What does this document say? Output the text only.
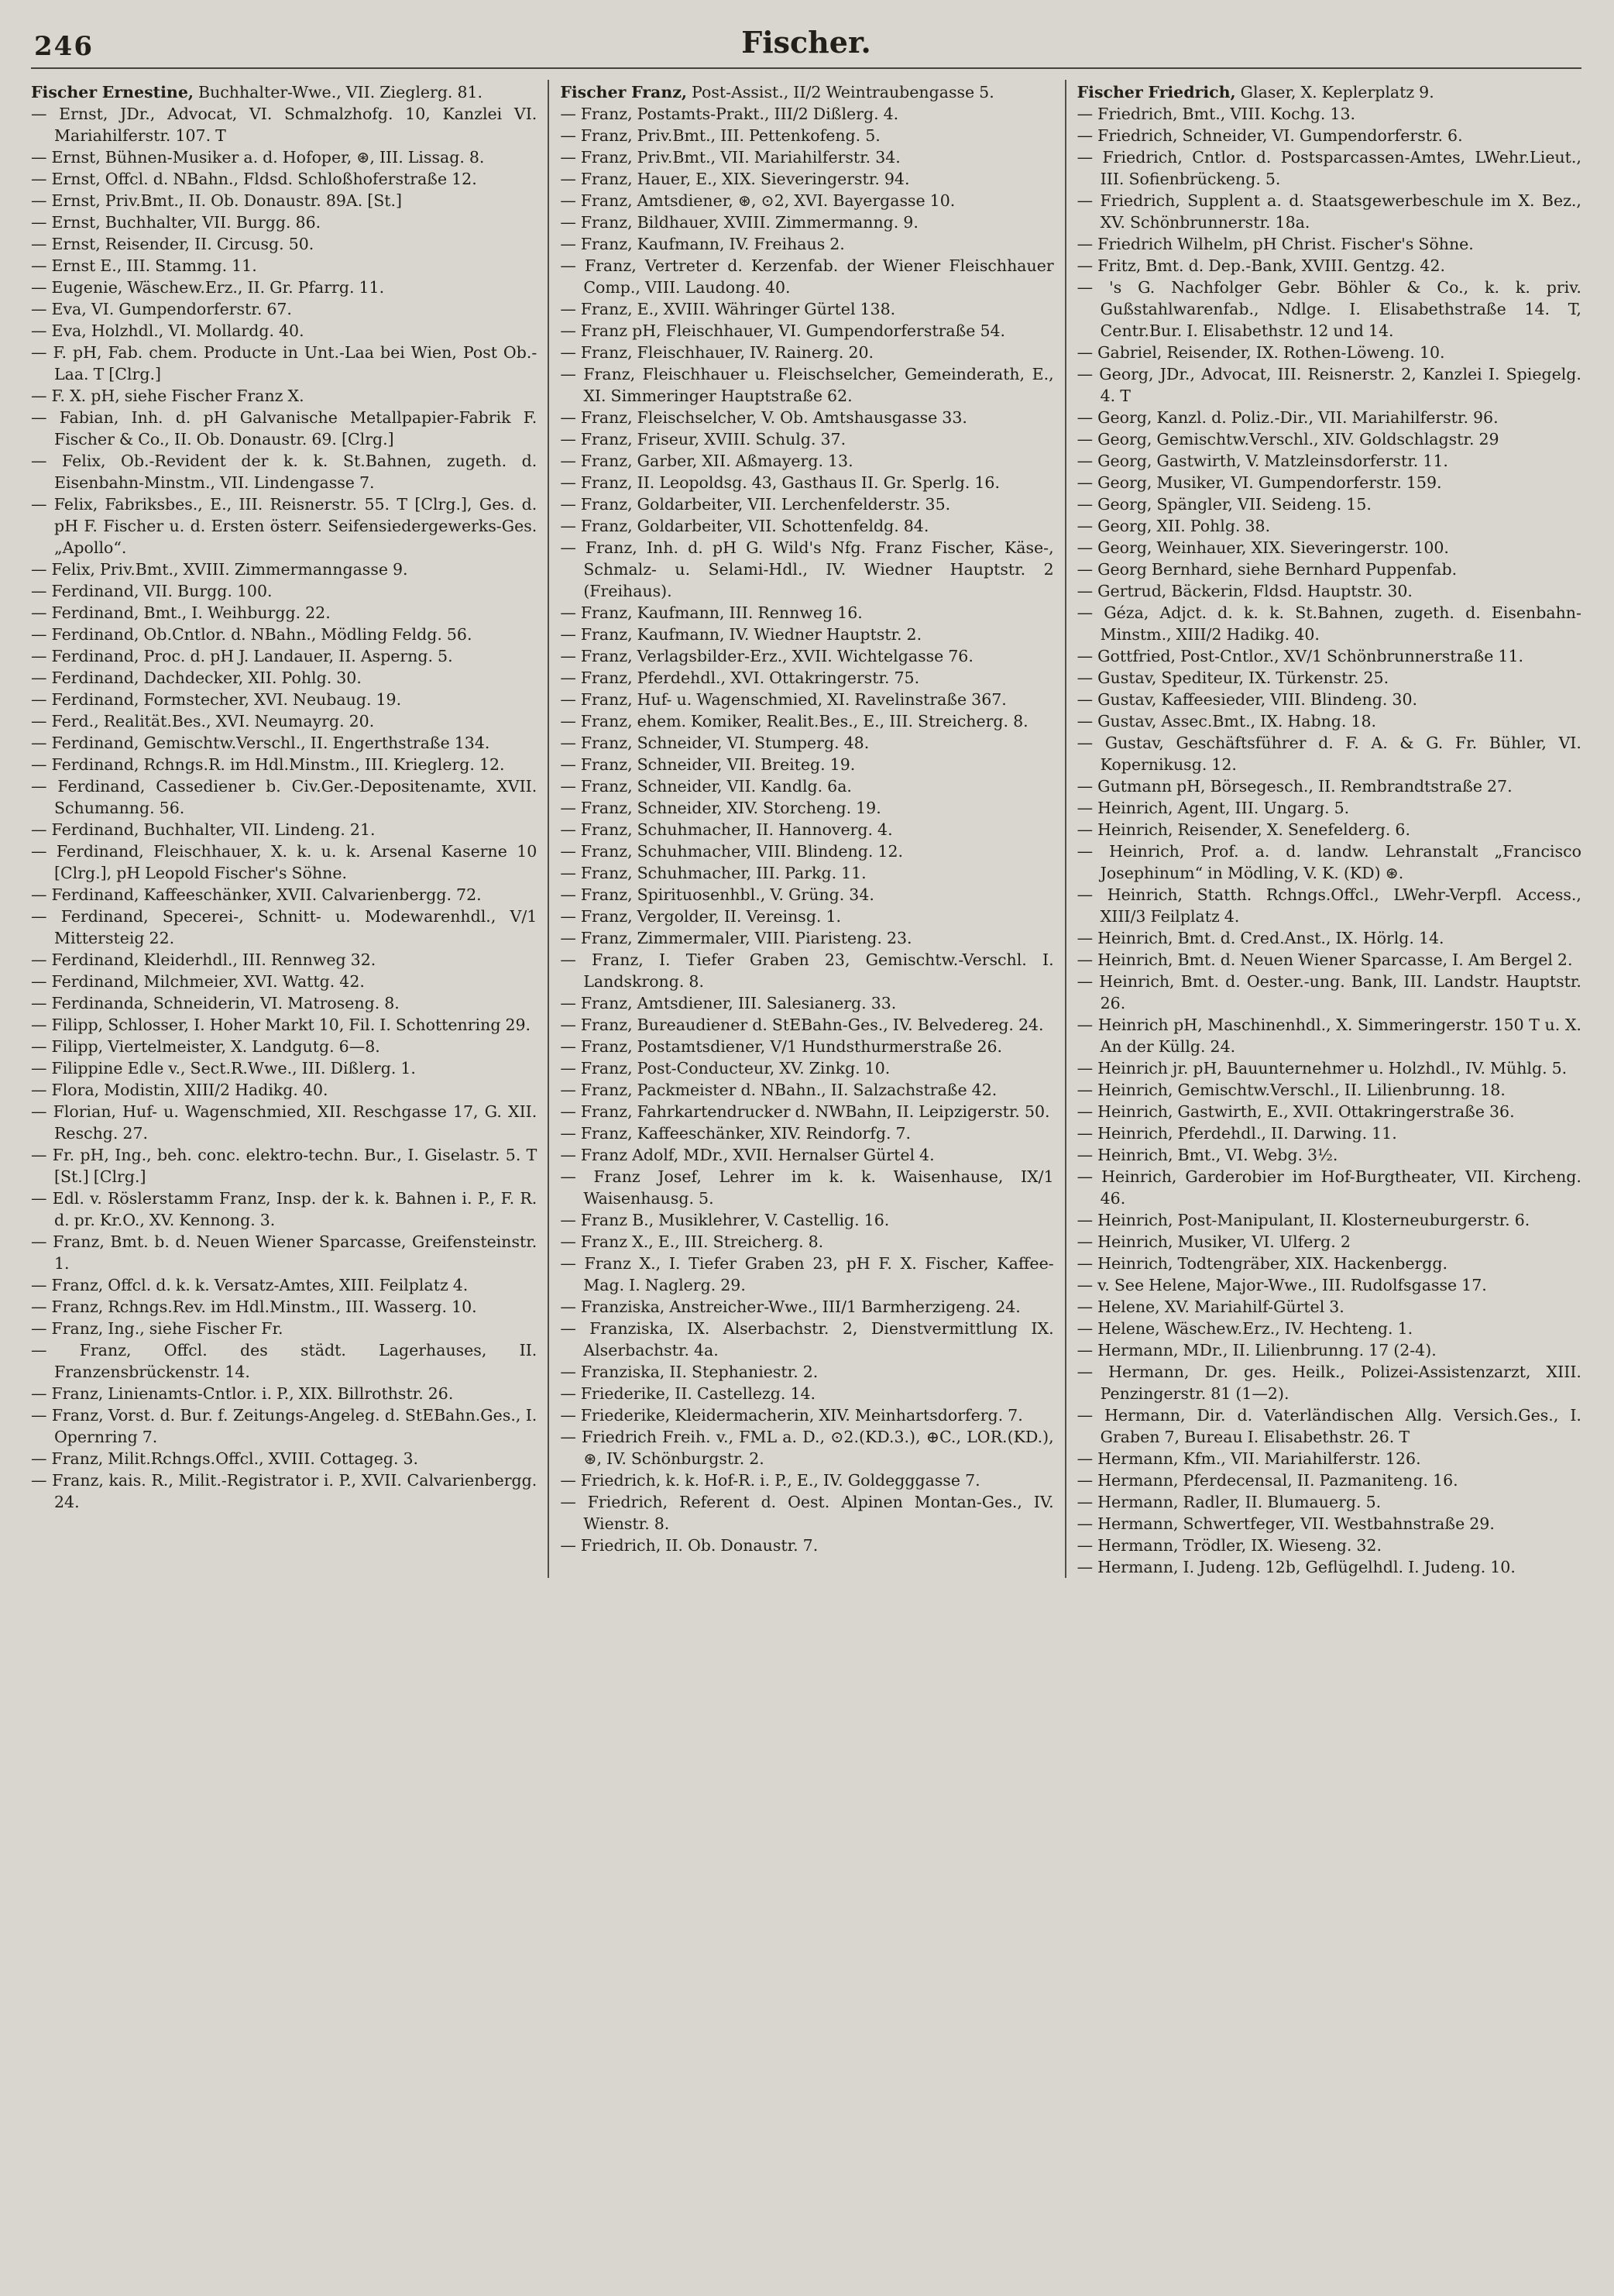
246	Fischer.

Fischer Ernestine, Buchhalter-Wwe., VII. Zieglerg. 81.

— Ernst, JDr., Advocat, VI. Schmalzhofg. 10, Kanzlei VI. Mariahilferstr. 107. T

— Ernst, Bühnen-Musiker a. d. Hofoper, ⊛, III. Lissag. 8.

— Ernst, Offcl. d. NBahn., Fldsd. Schloßhoferstraße 12.

— Ernst, Priv.Bmt., II. Ob. Donaustr. 89A. [St.]

— Ernst, Buchhalter, VII. Burgg. 86.

— Ernst, Reisender, II. Circusg. 50.

— Ernst E., III. Stammg. 11.

— Eugenie, Wäschew.Erz., II. Gr. Pfarrg. 11.

— Eva, VI. Gumpendorferstr. 67.

— Eva, Holzhdl., VI. Mollardg. 40.

— F. pH, Fab. chem. Producte in Unt.-Laa bei Wien, Post Ob.-Laa. T [Clrg.]

— F. X. pH, siehe Fischer Franz X.

— Fabian, Inh. d. pH Galvanische Metallpapier-Fabrik F. Fischer & Co., II. Ob. Donaustr. 69. [Clrg.]

— Felix, Ob.-Revident der k. k. St.Bahnen, zugeth. d. Eisenbahn-Minstm., VII. Lindengasse 7.

— Felix, Fabriksbes., E., III. Reisnerstr. 55. T [Clrg.], Ges. d. pH F. Fischer u. d. Ersten österr. Seifensiedergewerks-Ges. „Apollo“.

— Felix, Priv.Bmt., XVIII. Zimmermanngasse 9.

— Ferdinand, VII. Burgg. 100.

— Ferdinand, Bmt., I. Weihburgg. 22.

— Ferdinand, Ob.Cntlor. d. NBahn., Mödling Feldg. 56.

— Ferdinand, Proc. d. pH J. Landauer, II. Asperng. 5.

— Ferdinand, Dachdecker, XII. Pohlg. 30.

— Ferdinand, Formstecher, XVI. Neubaug. 19.

— Ferd., Realität.Bes., XVI. Neumayrg. 20.

— Ferdinand, Gemischtw.Verschl., II. Engerthstraße 134.

— Ferdinand, Rchngs.R. im Hdl.Minstm., III. Krieglerg. 12.

— Ferdinand, Cassediener b. Civ.Ger.-Depositenamte, XVII. Schumanng. 56.

— Ferdinand, Buchhalter, VII. Lindeng. 21.

— Ferdinand, Fleischhauer, X. k. u. k. Arsenal Kaserne 10 [Clrg.], pH Leopold Fischer's Söhne.

— Ferdinand, Kaffeeschänker, XVII. Calvarienbergg. 72.

— Ferdinand, Specerei-, Schnitt- u. Modewarenhdl., V/1 Mittersteig 22.

— Ferdinand, Kleiderhdl., III. Rennweg 32.

— Ferdinand, Milchmeier, XVI. Wattg. 42.

— Ferdinanda, Schneiderin, VI. Matroseng. 8.

— Filipp, Schlosser, I. Hoher Markt 10, Fil. I. Schottenring 29.

— Filipp, Viertelmeister, X. Landgutg. 6—8.

— Filippine Edle v., Sect.R.Wwe., III. Dißlerg. 1.

— Flora, Modistin, XIII/2 Hadikg. 40.

— Florian, Huf- u. Wagenschmied, XII. Reschgasse 17, G. XII. Reschg. 27.

— Fr. pH, Ing., beh. conc. elektro-techn. Bur., I. Giselastr. 5. T [St.] [Clrg.]

— Edl. v. Röslerstamm Franz, Insp. der k. k. Bahnen i. P., F. R. d. pr. Kr.O., XV. Kennong. 3.

— Franz, Bmt. b. d. Neuen Wiener Sparcasse, Greifensteinstr. 1.

— Franz, Offcl. d. k. k. Versatz-Amtes, XIII. Feilplatz 4.

— Franz, Rchngs.Rev. im Hdl.Minstm., III. Wasserg. 10.

— Franz, Ing., siehe Fischer Fr.

— Franz, Offcl. des städt. Lagerhauses, II. Franzensbrückenstr. 14.

— Franz, Linienamts-Cntlor. i. P., XIX. Billrothstr. 26.

— Franz, Vorst. d. Bur. f. Zeitungs-Angeleg. d. StEBahn.Ges., I. Opernring 7.

— Franz, Milit.Rchngs.Offcl., XVIII. Cottageg. 3.

— Franz, kais. R., Milit.-Registrator i. P., XVII. Calvarienbergg. 24.

Fischer Franz, Post-Assist., II/2 Weintraubengasse 5.

— Franz, Postamts-Prakt., III/2 Dißlerg. 4.

— Franz, Priv.Bmt., III. Pettenkofeng. 5.

— Franz, Priv.Bmt., VII. Mariahilferstr. 34.

— Franz, Hauer, E., XIX. Sieveringerstr. 94.

— Franz, Amtsdiener, ⊛, ⊙2, XVI. Bayergasse 10.

— Franz, Bildhauer, XVIII. Zimmermanng. 9.

— Franz, Kaufmann, IV. Freihaus 2.

— Franz, Vertreter d. Kerzenfab. der Wiener Fleischhauer Comp., VIII. Laudong. 40.

— Franz, E., XVIII. Währinger Gürtel 138.

— Franz pH, Fleischhauer, VI. Gumpendorferstraße 54.

— Franz, Fleischhauer, IV. Rainerg. 20.

— Franz, Fleischhauer u. Fleischselcher, Gemeinderath, E., XI. Simmeringer Hauptstraße 62.

— Franz, Fleischselcher, V. Ob. Amtshausgasse 33.

— Franz, Friseur, XVIII. Schulg. 37.

— Franz, Garber, XII. Aßmayerg. 13.

— Franz, II. Leopoldsg. 43, Gasthaus II. Gr. Sperlg. 16.

— Franz, Goldarbeiter, VII. Lerchenfelderstr. 35.

— Franz, Goldarbeiter, VII. Schottenfeldg. 84.

— Franz, Inh. d. pH G. Wild's Nfg. Franz Fischer, Käse-, Schmalz- u. Selami-Hdl., IV. Wiedner Hauptstr. 2 (Freihaus).

— Franz, Kaufmann, III. Rennweg 16.

— Franz, Kaufmann, IV. Wiedner Hauptstr. 2.

— Franz, Verlagsbilder-Erz., XVII. Wichtelgasse 76.

— Franz, Pferdehdl., XVI. Ottakringerstr. 75.

— Franz, Huf- u. Wagenschmied, XI. Ravelinstraße 367.

— Franz, ehem. Komiker, Realit.Bes., E., III. Streicherg. 8.

— Franz, Schneider, VI. Stumperg. 48.

— Franz, Schneider, VII. Breiteg. 19.

— Franz, Schneider, VII. Kandlg. 6a.

— Franz, Schneider, XIV. Storcheng. 19.

— Franz, Schuhmacher, II. Hannoverg. 4.

— Franz, Schuhmacher, VIII. Blindeng. 12.

— Franz, Schuhmacher, III. Parkg. 11.

— Franz, Spirituosenhbl., V. Grüng. 34.

— Franz, Vergolder, II. Vereinsg. 1.

— Franz, Zimmermaler, VIII. Piaristeng. 23.

— Franz, I. Tiefer Graben 23, Gemischtw.-Verschl. I. Landskrong. 8.

— Franz, Amtsdiener, III. Salesianerg. 33.

— Franz, Bureaudiener d. StEBahn-Ges., IV. Belvedereg. 24.

— Franz, Postamtsdiener, V/1 Hundsthurmerstraße 26.

— Franz, Post-Conducteur, XV. Zinkg. 10.

— Franz, Packmeister d. NBahn., II. Salzachstraße 42.

— Franz, Fahrkartendrucker d. NWBahn, II. Leipzigerstr. 50.

— Franz, Kaffeeschänker, XIV. Reindorfg. 7.

— Franz Adolf, MDr., XVII. Hernalser Gürtel 4.

— Franz Josef, Lehrer im k. k. Waisenhause, IX/1 Waisenhausg. 5.

— Franz B., Musiklehrer, V. Castellig. 16.

— Franz X., E., III. Streicherg. 8.

— Franz X., I. Tiefer Graben 23, pH F. X. Fischer, Kaffee-Mag. I. Naglerg. 29.

— Franziska, Anstreicher-Wwe., III/1 Barmherzigeng. 24.

— Franziska, IX. Alserbachstr. 2, Dienstvermittlung IX. Alserbachstr. 4a.

— Franziska, II. Stephaniestr. 2.

— Friederike, II. Castellezg. 14.

— Friederike, Kleidermacherin, XIV. Meinhartsdorferg. 7.

— Friedrich Freih. v., FML a. D., ⊙2.(KD.3.), ⊕C., LOR.(KD.), ⊛, IV. Schönburgstr. 2.

— Friedrich, k. k. Hof-R. i. P., E., IV. Goldegggasse 7.

— Friedrich, Referent d. Oest. Alpinen Montan-Ges., IV. Wienstr. 8.

— Friedrich, II. Ob. Donaustr. 7.

Fischer Friedrich, Glaser, X. Keplerplatz 9.

— Friedrich, Bmt., VIII. Kochg. 13.

— Friedrich, Schneider, VI. Gumpendorferstr. 6.

— Friedrich, Cntlor. d. Postsparcassen-Amtes, LWehr.Lieut., III. Sofienbrückeng. 5.

— Friedrich, Supplent a. d. Staatsgewerbeschule im X. Bez., XV. Schönbrunnerstr. 18a.

— Friedrich Wilhelm, pH Christ. Fischer's Söhne.

— Fritz, Bmt. d. Dep.-Bank, XVIII. Gentzg. 42.

— 's G. Nachfolger Gebr. Böhler & Co., k. k. priv. Gußstahlwarenfab., Ndlge. I. Elisabethstraße 14. T, Centr.Bur. I. Elisabethstr. 12 und 14.

— Gabriel, Reisender, IX. Rothen-Löweng. 10.

— Georg, JDr., Advocat, III. Reisnerstr. 2, Kanzlei I. Spiegelg. 4. T

— Georg, Kanzl. d. Poliz.-Dir., VII. Mariahilferstr. 96.

— Georg, Gemischtw.Verschl., XIV. Goldschlagstr. 29

— Georg, Gastwirth, V. Matzleinsdorferstr. 11.

— Georg, Musiker, VI. Gumpendorferstr. 159.

— Georg, Spängler, VII. Seideng. 15.

— Georg, XII. Pohlg. 38.

— Georg, Weinhauer, XIX. Sieveringerstr. 100.

— Georg Bernhard, siehe Bernhard Puppenfab.

— Gertrud, Bäckerin, Fldsd. Hauptstr. 30.

— Géza, Adjct. d. k. k. St.Bahnen, zugeth. d. Eisenbahn-Minstm., XIII/2 Hadikg. 40.

— Gottfried, Post-Cntlor., XV/1 Schönbrunnerstraße 11.

— Gustav, Spediteur, IX. Türkenstr. 25.

— Gustav, Kaffeesieder, VIII. Blindeng. 30.

— Gustav, Assec.Bmt., IX. Habng. 18.

— Gustav, Geschäftsführer d. F. A. & G. Fr. Bühler, VI. Kopernikusg. 12.

— Gutmann pH, Börsegesch., II. Rembrandtstraße 27.

— Heinrich, Agent, III. Ungarg. 5.

— Heinrich, Reisender, X. Senefelderg. 6.

— Heinrich, Prof. a. d. landw. Lehranstalt „Francisco Josephinum“ in Mödling, V. K. (KD) ⊛.

— Heinrich, Statth. Rchngs.Offcl., LWehr-Verpfl. Access., XIII/3 Feilplatz 4.

— Heinrich, Bmt. d. Cred.Anst., IX. Hörlg. 14.

— Heinrich, Bmt. d. Neuen Wiener Sparcasse, I. Am Bergel 2.

— Heinrich, Bmt. d. Oester.-ung. Bank, III. Landstr. Hauptstr. 26.

— Heinrich pH, Maschinenhdl., X. Simmeringerstr. 150 T u. X. An der Küllg. 24.

— Heinrich jr. pH, Bauunternehmer u. Holzhdl., IV. Mühlg. 5.

— Heinrich, Gemischtw.Verschl., II. Lilienbrunng. 18.

— Heinrich, Gastwirth, E., XVII. Ottakringerstraße 36.

— Heinrich, Pferdehdl., II. Darwing. 11.

— Heinrich, Bmt., VI. Webg. 3½.

— Heinrich, Garderobier im Hof-Burgtheater, VII. Kircheng. 46.

— Heinrich, Post-Manipulant, II. Klosterneuburgerstr. 6.

— Heinrich, Musiker, VI. Ulferg. 2

— Heinrich, Todtengräber, XIX. Hackenbergg.

— v. See Helene, Major-Wwe., III. Rudolfsgasse 17.

— Helene, XV. Mariahilf-Gürtel 3.

— Helene, Wäschew.Erz., IV. Hechteng. 1.

— Hermann, MDr., II. Lilienbrunng. 17 (2-4).

— Hermann, Dr. ges. Heilk., Polizei-Assistenzarzt, XIII. Penzingerstr. 81 (1—2).

— Hermann, Dir. d. Vaterländischen Allg. Versich.Ges., I. Graben 7, Bureau I. Elisabethstr. 26. T

— Hermann, Kfm., VII. Mariahilferstr. 126.

— Hermann, Pferdecensal, II. Pazmaniteng. 16.

— Hermann, Radler, II. Blumauerg. 5.

— Hermann, Schwertfeger, VII. Westbahnstraße 29.

— Hermann, Trödler, IX. Wieseng. 32.

— Hermann, I. Judeng. 12b, Geflügelhdl. I. Judeng. 10.
